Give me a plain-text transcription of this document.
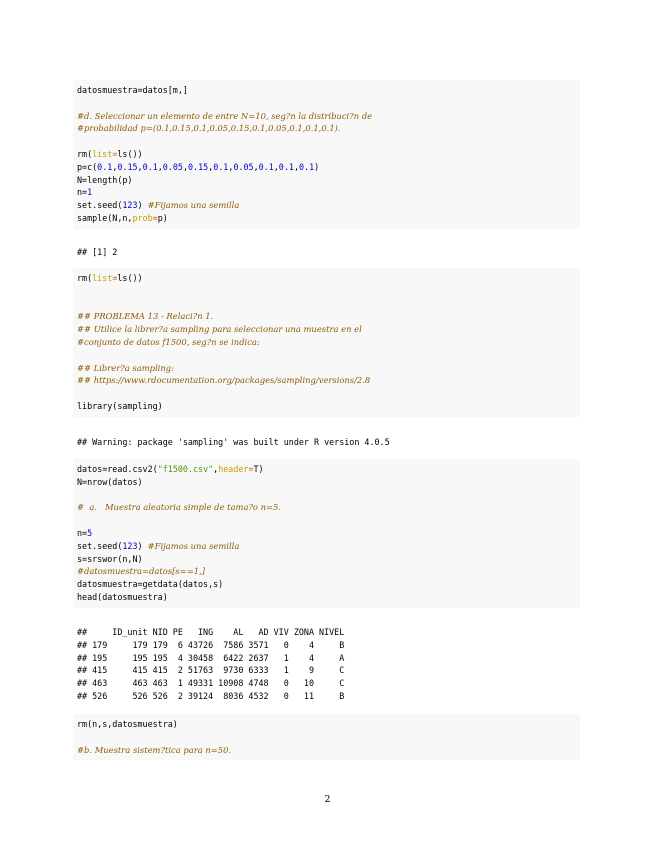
datosmuestra=datos[m,]
#d. Seleccionar un elemento de entre N=10, seg?n la distribuci?n de
#probabilidad p=(0.1,0.15,0.1,0.05,0.15,0.1,0.05,0.1,0.1,0.1).
rm(list=ls())
p=c(0.1,0.15,0.1,0.05,0.15,0.1,0.05,0.1,0.1,0.1)
N=length(p)
n=1
set.seed(123) #Fijamos una semilla
sample(N,n,prob=p)
## [1] 2
rm(list=ls())
## PROBLEMA 13 - Relaci?n 1.
## Utilice la librer?a sampling para seleccionar una muestra en el
#conjunto de datos f1500, seg?n se indica:
## Librer?a sampling:
## https://www.rdocumentation.org/packages/sampling/versions/2.8
library(sampling)
## Warning: package 'sampling' was built under R version 4.0.5
datos=read.csv2("f1500.csv",header=T)
N=nrow(datos)
#  a.   Muestra aleatoria simple de tama?o n=5.
n=5
set.seed(123) #Fijamos una semilla
s=srswor(n,N)
#datosmuestra=datos[s==1,]
datosmuestra=getdata(datos,s)
head(datosmuestra)
##     ID_unit NID PE   ING    AL   AD VIV ZONA NIVEL
## 179     179 179  6 43726  7586 3571   0    4     B
## 195     195 195  4 30458  6422 2637   1    4     A
## 415     415 415  2 51763  9730 6333   1    9     C
## 463     463 463  1 49331 10908 4748   0   10     C
## 526     526 526  2 39124  8036 4532   0   11     B
rm(n,s,datosmuestra)
#b. Muestra sistem?tica para n=50.
2
